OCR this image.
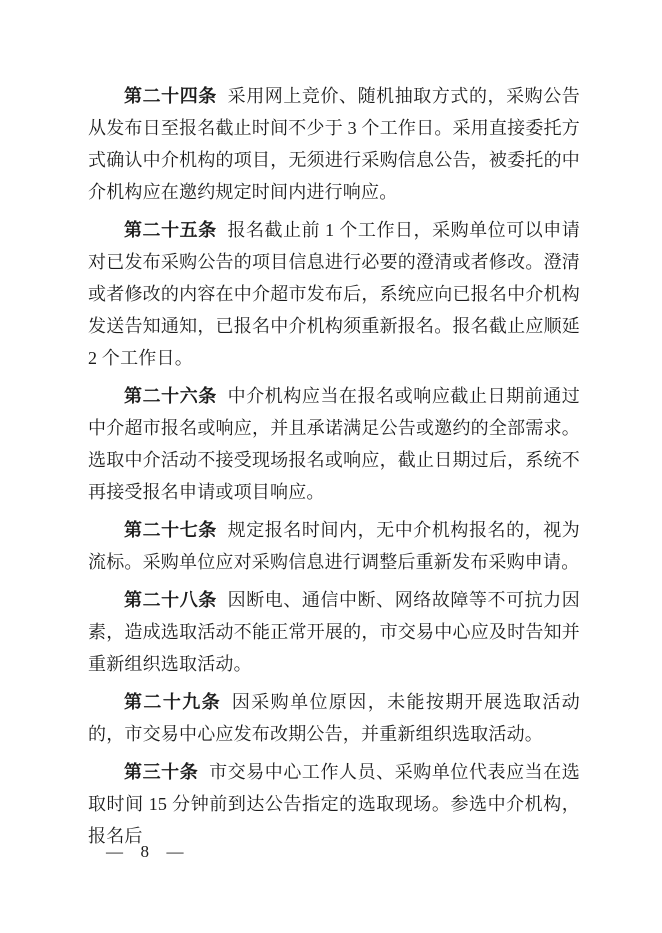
第二十四条 采用网上竞价、随机抽取方式的，采购公告从发布日至报名截止时间不少于 3 个工作日。采用直接委托方式确认中介机构的项目，无须进行采购信息公告，被委托的中介机构应在邀约规定时间内进行响应。

第二十五条 报名截止前 1 个工作日，采购单位可以申请对已发布采购公告的项目信息进行必要的澄清或者修改。澄清或者修改的内容在中介超市发布后，系统应向已报名中介机构发送告知通知，已报名中介机构须重新报名。报名截止应顺延 2 个工作日。

第二十六条 中介机构应当在报名或响应截止日期前通过中介超市报名或响应，并且承诺满足公告或邀约的全部需求。选取中介活动不接受现场报名或响应，截止日期过后，系统不再接受报名申请或项目响应。

第二十七条 规定报名时间内，无中介机构报名的，视为流标。采购单位应对采购信息进行调整后重新发布采购申请。

第二十八条 因断电、通信中断、网络故障等不可抗力因素，造成选取活动不能正常开展的，市交易中心应及时告知并重新组织选取活动。

第二十九条 因采购单位原因，未能按期开展选取活动的，市交易中心应发布改期公告，并重新组织选取活动。

第三十条 市交易中心工作人员、采购单位代表应当在选取时间 15 分钟前到达公告指定的选取现场。参选中介机构，报名后

—  8  —
